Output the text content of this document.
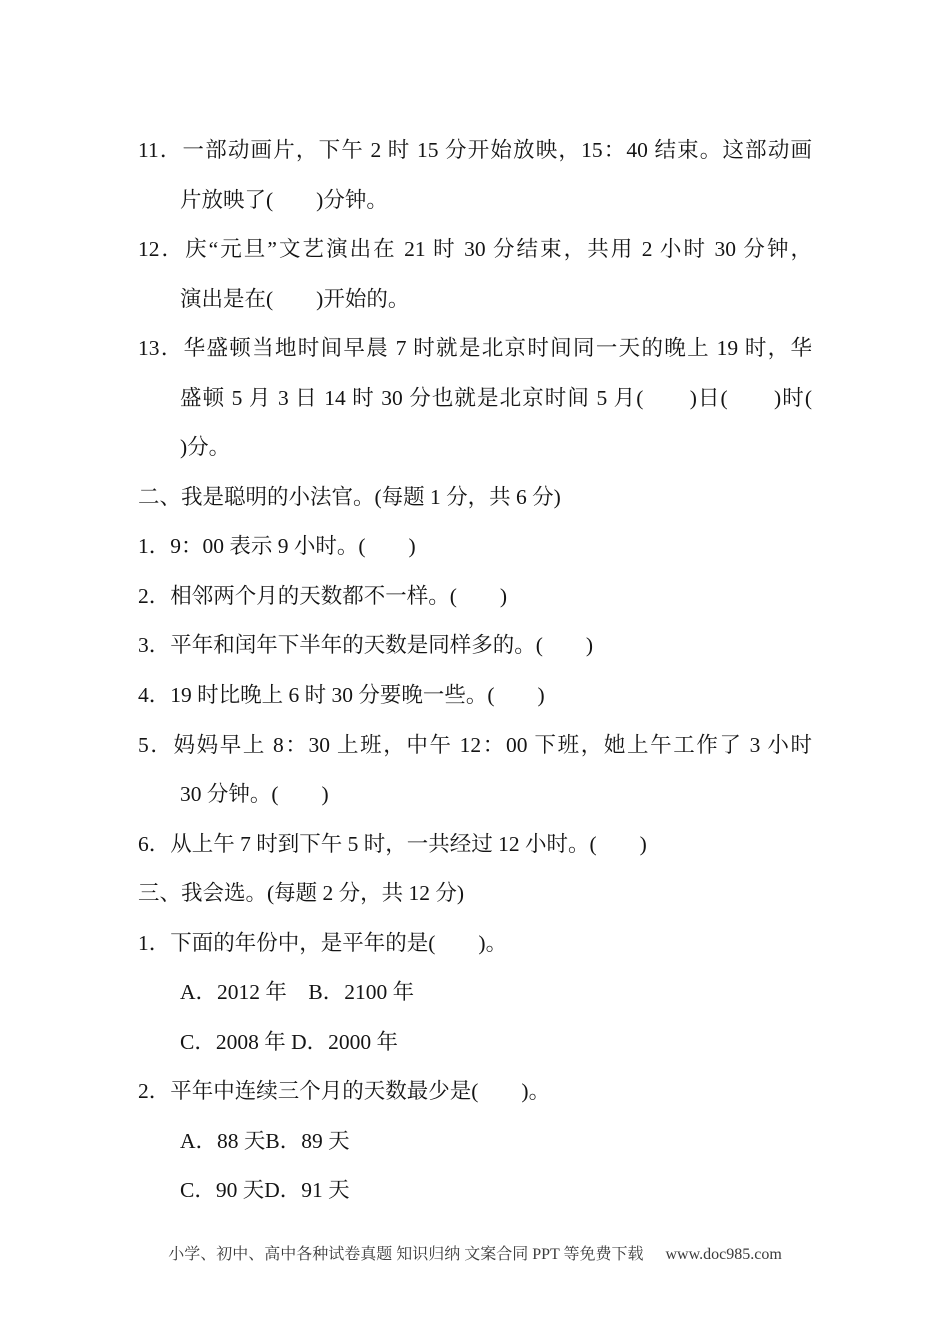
11．一部动画片，下午 2 时 15 分开始放映，15：40 结束。这部动画
片放映了(　　)分钟。
12．庆“元旦”文艺演出在 21 时 30 分结束，共用 2 小时 30 分钟，
演出是在(　　)开始的。
13．华盛顿当地时间早晨 7 时就是北京时间同一天的晚上 19 时，华
盛顿 5 月 3 日 14 时 30 分也就是北京时间 5 月(　　)日(　　)时(
)分。
二、我是聪明的小法官。(每题 1 分，共 6 分)
1．9：00 表示 9 小时。(　　)
2．相邻两个月的天数都不一样。(　　)
3．平年和闰年下半年的天数是同样多的。(　　)
4．19 时比晚上 6 时 30 分要晚一些。(　　)
5．妈妈早上 8：30 上班，中午 12：00 下班，她上午工作了 3 小时
30 分钟。(　　)
6．从上午 7 时到下午 5 时，一共经过 12 小时。(　　)
三、我会选。(每题 2 分，共 12 分)
1．下面的年份中，是平年的是(　　)。
A．2012 年　B．2100 年
C．2008 年 D．2000 年
2．平年中连续三个月的天数最少是(　　)。
A．88 天B．89 天
C．90 天D．91 天
小学、初中、高中各种试卷真题 知识归纳 文案合同 PPT 等免费下载 www.doc985.com
